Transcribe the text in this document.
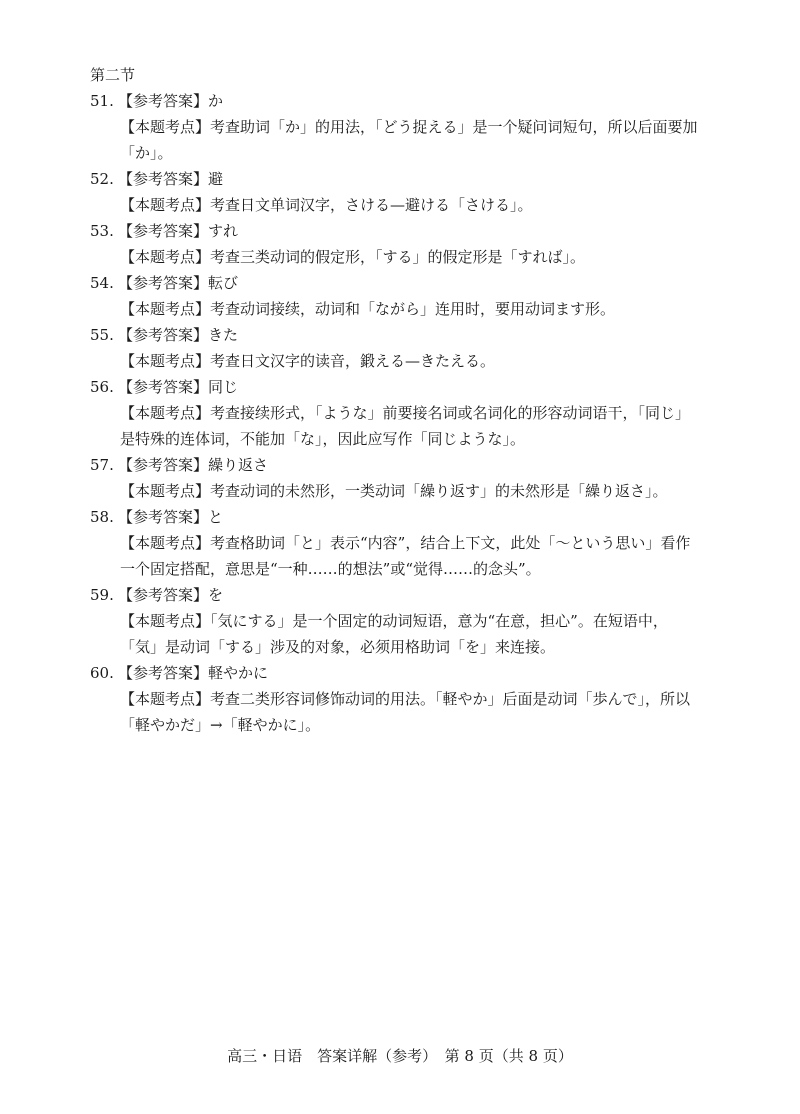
第二节
51. 【参考答案】か
【本题考点】考查助词「か」的用法，「どう捉える」是一个疑问词短句，所以后面要加
「か」。
52. 【参考答案】避
【本题考点】考查日文单词汉字，さける—避ける「さける」。
53. 【参考答案】すれ
【本题考点】考查三类动词的假定形，「する」的假定形是「すれば」。
54. 【参考答案】転び
【本题考点】考查动词接续，动词和「ながら」连用时，要用动词ます形。
55. 【参考答案】きた
【本题考点】考查日文汉字的读音，鍛える—きたえる。
56. 【参考答案】同じ
【本题考点】考查接续形式，「ような」前要接名词或名词化的形容动词语干，「同じ」
是特殊的连体词，不能加「な」，因此应写作「同じような」。
57. 【参考答案】繰り返さ
【本题考点】考查动词的未然形，一类动词「繰り返す」的未然形是「繰り返さ」。
58. 【参考答案】と
【本题考点】考查格助词「と」表示“内容”，结合上下文，此处「～という思い」看作
一个固定搭配，意思是“一种……的想法”或“觉得……的念头”。
59. 【参考答案】を
【本题考点】「気にする」是一个固定的动词短语，意为“在意，担心”。在短语中，
「気」是动词「する」涉及的对象，必须用格助词「を」来连接。
60. 【参考答案】軽やかに
【本题考点】考查二类形容词修饰动词的用法。「軽やか」后面是动词「歩んで」，所以
「軽やかだ」→「軽やかに」。
高三・日语　答案详解（参考）　第 8 页（共 8 页）
